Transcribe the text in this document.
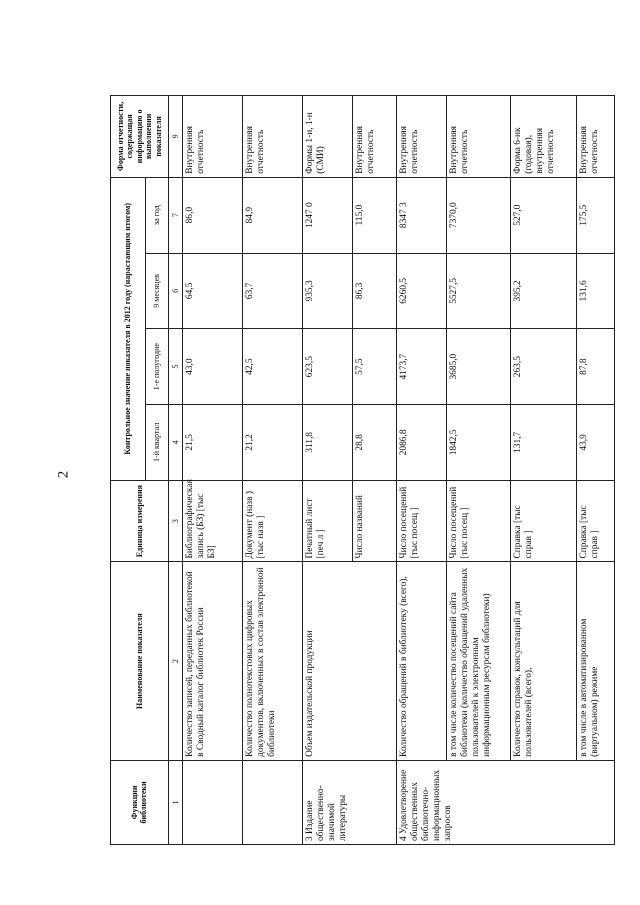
2
Функции библиотеки	Наименование показателя	Единица измерения	Контрольное значение показателя в 2012 году (нарастающим итогом)				Форма отчетности, содержащая информацию о выполнении показателя
			1-й квартал	1-е полугодие	9 месяцев	за год	
1	2	3	4	5	6	7	9
	Количество записей, переданных библиотекой в Сводный каталог библиотек России	Библиографическая запись (БЗ) [тыс БЗ]	21,5	43,0	64,5	86,0	Внутренняя отчетность
	Количество полнотекстовых цифровых документов, включенных в состав электронной библиотеки	Документ (назв ) [тыс назв ]	21,2	42,5	63,7	84,9	Внутренняя отчетность
3 Издание общественно-значимой литературы	Объем издательской продукции	Печатный лист [печ л ]	311,8	623,5	935,3	1247 0	Формы 1-и, 1-н (СМИ)
		Число названий	28,8	57,5	86,3	115,0	Внутренняя отчетность
4 Удовлетворение общественных библиотечно-информационных запросов	Количество обращений в библиотеку (всего),	Число посещений [тыс посещ ]	2086,8	4173,7	6260,5	8347 3	Внутренняя отчетность
	в том числе количество посещений сайта библиотеки (количество обращений удаленных пользователей к электронным информационным ресурсам библиотеки)	Число посещений [тыс посещ ]	1842,5	3685,0	5527,5	7370,0	Внутренняя отчетность
	Количество справок, консультаций для пользователей (всего),	Справка [тыс справ ]	131,7	263,5	395,2	527,0	Форма 6-нк (годовая), внутренняя отчетность
	в том числе в автоматизированном (виртуальном) режиме	Справка [тыс справ ]	43,9	87,8	131,6	175,5	Внутренняя отчетность
